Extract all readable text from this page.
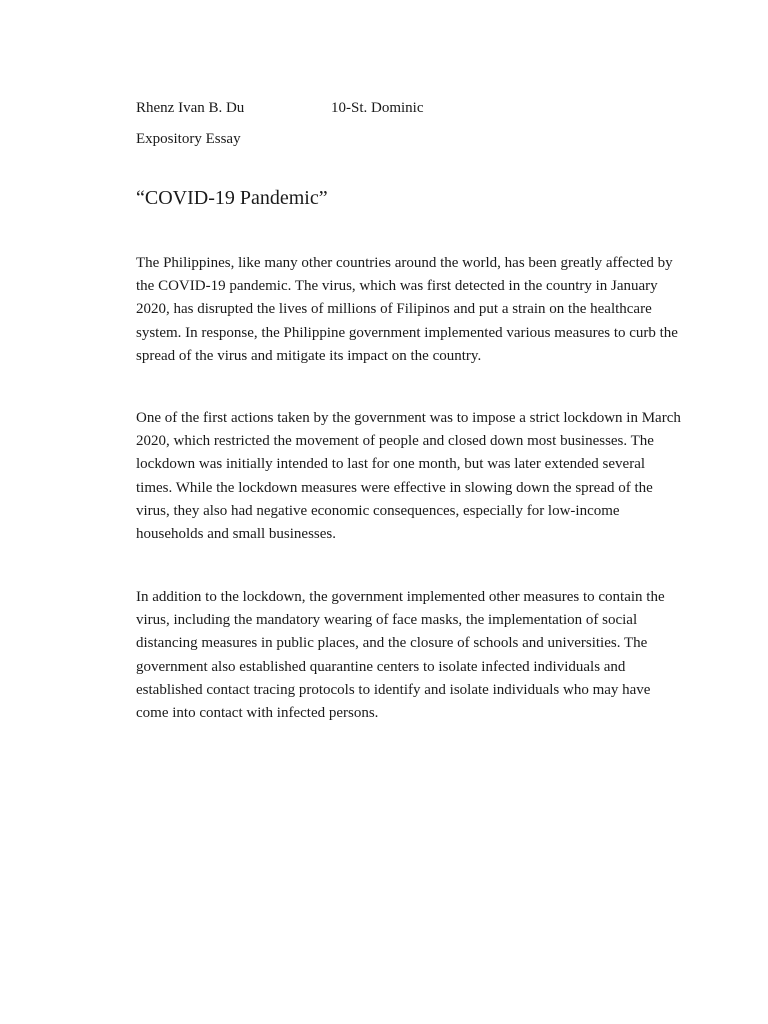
Rhenz Ivan B. Du	10-St. Dominic
Expository Essay
“COVID-19 Pandemic”

The Philippines, like many other countries around the world, has been greatly affected by the COVID-19 pandemic. The virus, which was first detected in the country in January 2020, has disrupted the lives of millions of Filipinos and put a strain on the healthcare system. In response, the Philippine government implemented various measures to curb the spread of the virus and mitigate its impact on the country.

One of the first actions taken by the government was to impose a strict lockdown in March 2020, which restricted the movement of people and closed down most businesses. The lockdown was initially intended to last for one month, but was later extended several times. While the lockdown measures were effective in slowing down the spread of the virus, they also had negative economic consequences, especially for low-income households and small businesses.

In addition to the lockdown, the government implemented other measures to contain the virus, including the mandatory wearing of face masks, the implementation of social distancing measures in public places, and the closure of schools and universities. The government also established quarantine centers to isolate infected individuals and established contact tracing protocols to identify and isolate individuals who may have come into contact with infected persons.
